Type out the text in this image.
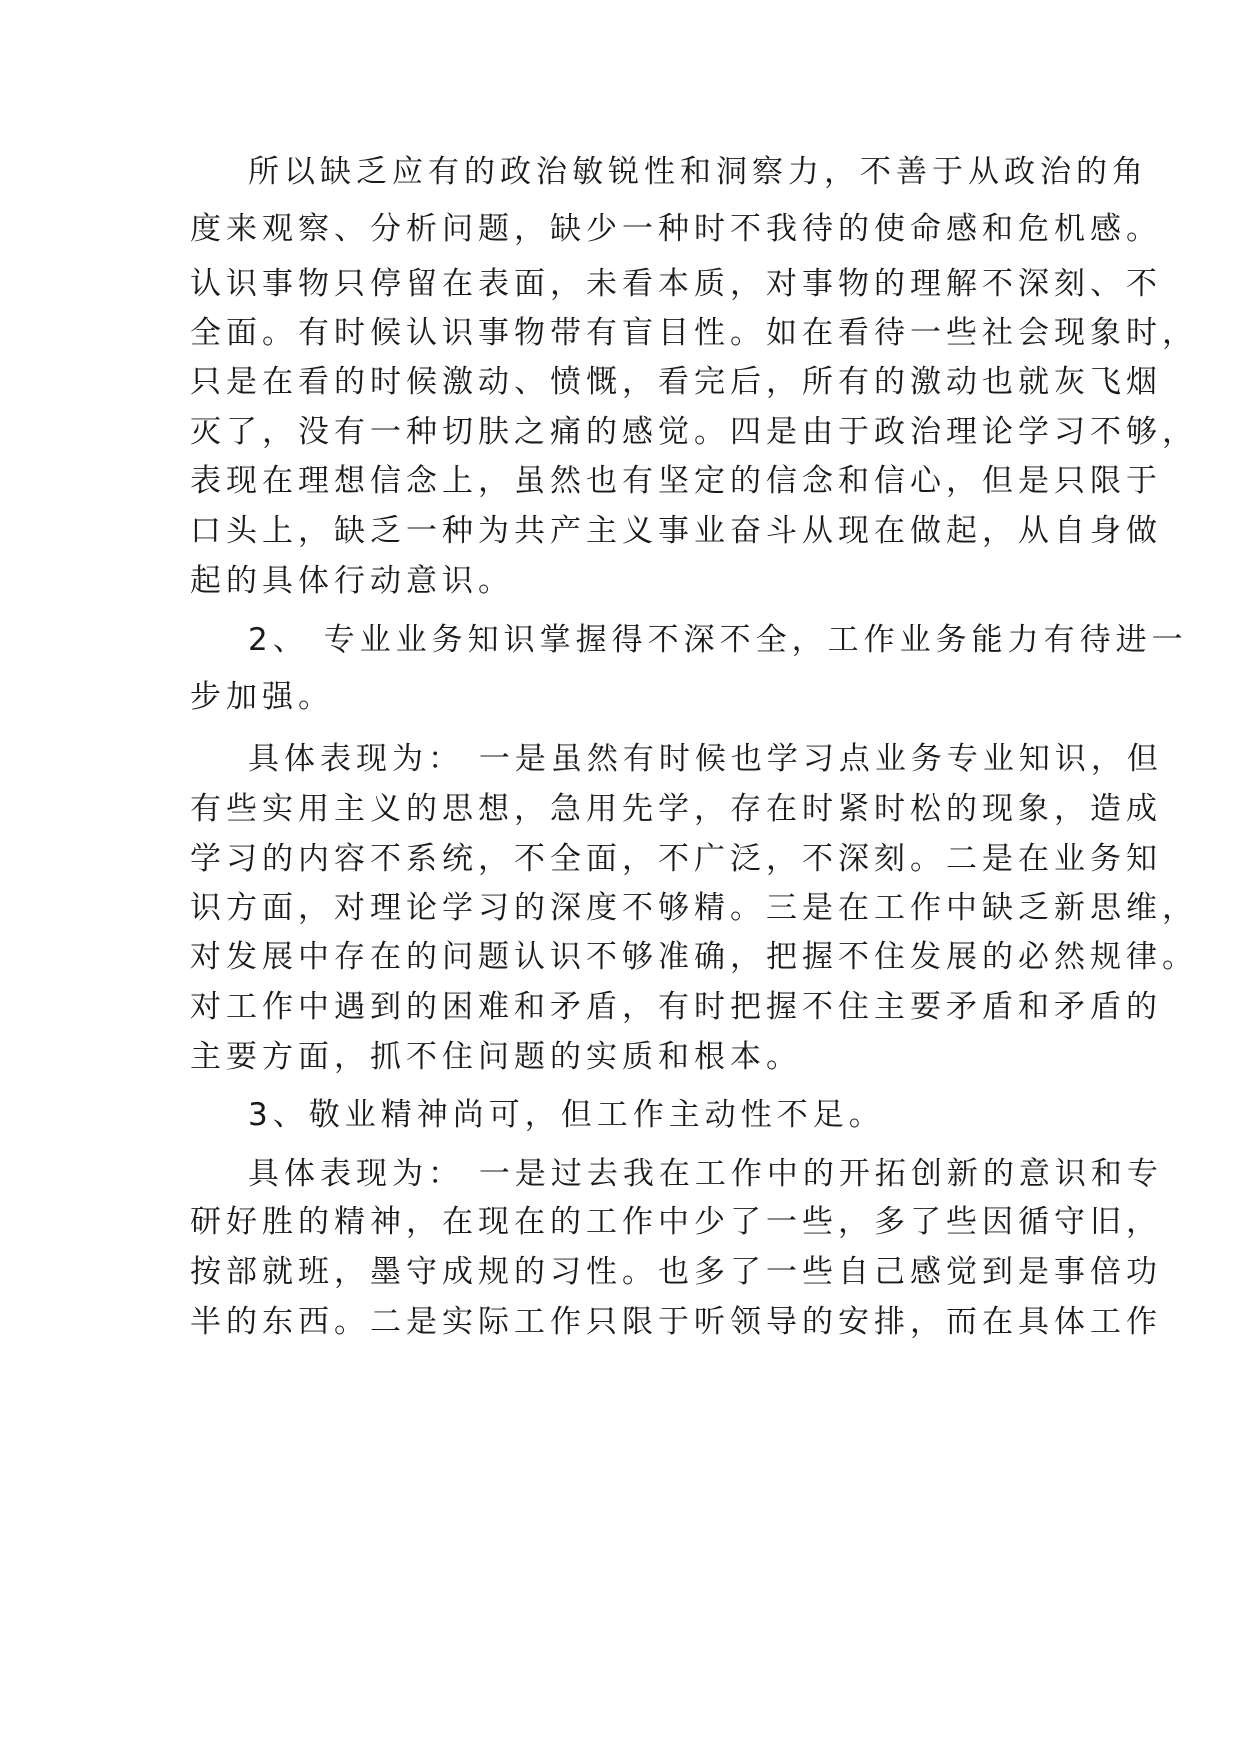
所以缺乏应有的政治敏锐性和洞察力，不善于从政治的角
度来观察、分析问题，缺少一种时不我待的使命感和危机感。
认识事物只停留在表面，未看本质，对事物的理解不深刻、不
全面。有时候认识事物带有盲目性。如在看待一些社会现象时，
只是在看的时候激动、愤慨，看完后，所有的激动也就灰飞烟
灭了，没有一种切肤之痛的感觉。四是由于政治理论学习不够，
表现在理想信念上，虽然也有坚定的信念和信心，但是只限于
口头上，缺乏一种为共产主义事业奋斗从现在做起，从自身做
起的具体行动意识。
2、 专业业务知识掌握得不深不全，工作业务能力有待进一
步加强。
具体表现为： 一是虽然有时候也学习点业务专业知识，但
有些实用主义的思想，急用先学，存在时紧时松的现象，造成
学习的内容不系统，不全面，不广泛，不深刻。二是在业务知
识方面，对理论学习的深度不够精。三是在工作中缺乏新思维，
对发展中存在的问题认识不够准确，把握不住发展的必然规律。
对工作中遇到的困难和矛盾，有时把握不住主要矛盾和矛盾的
主要方面，抓不住问题的实质和根本。
3、敬业精神尚可，但工作主动性不足。
具体表现为： 一是过去我在工作中的开拓创新的意识和专
研好胜的精神，在现在的工作中少了一些，多了些因循守旧，
按部就班，墨守成规的习性。也多了一些自己感觉到是事倍功
半的东西。二是实际工作只限于听领导的安排，而在具体工作
